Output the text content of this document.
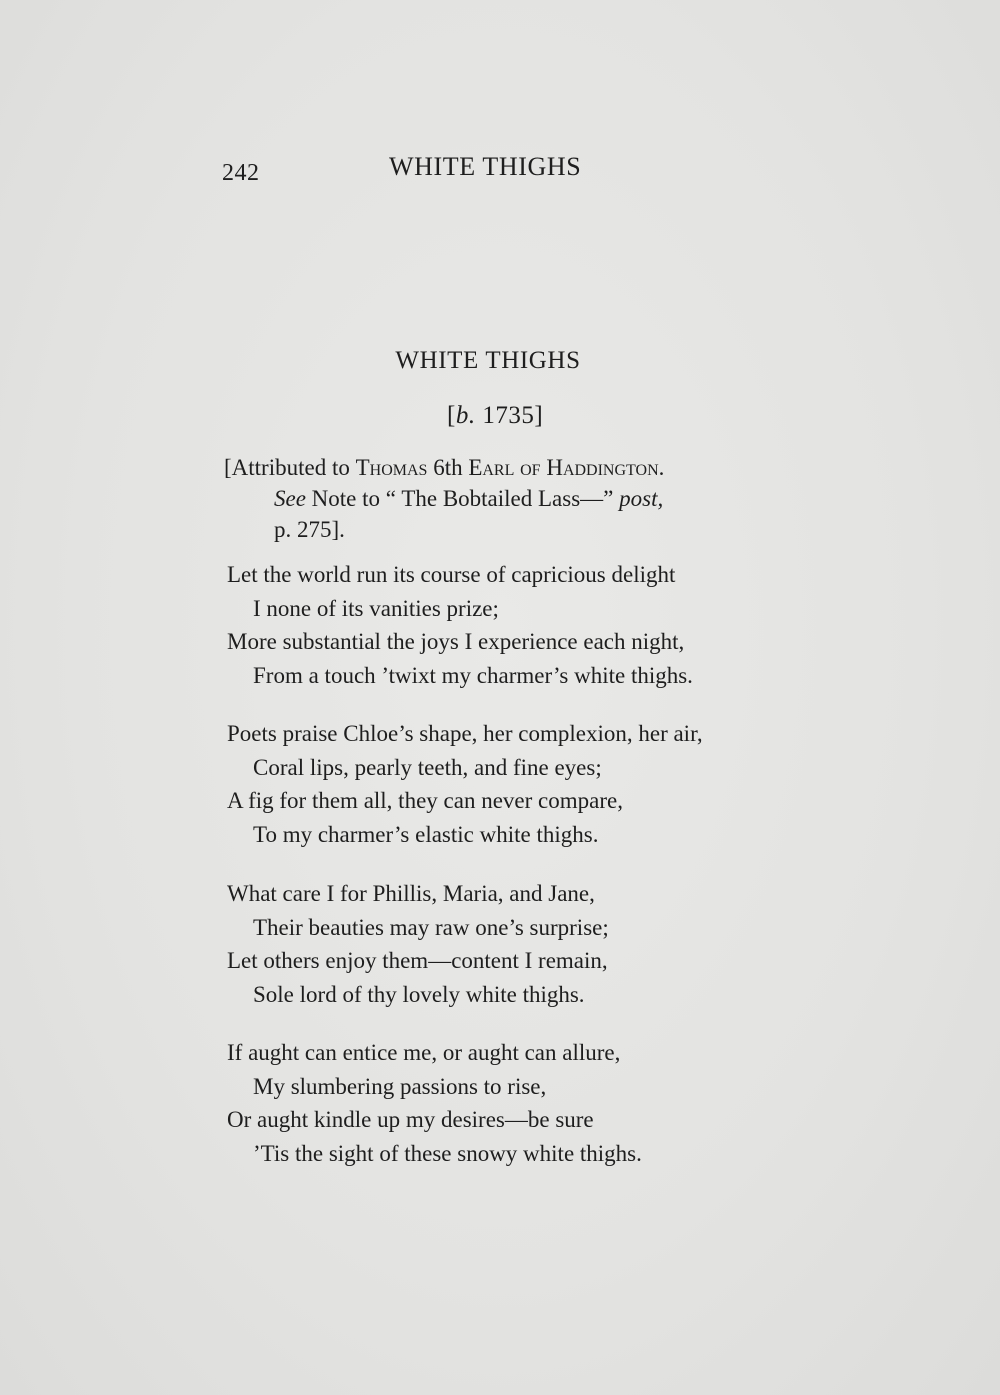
242	WHITE THIGHS
WHITE THIGHS
[b. 1735]
[Attributed to Thomas 6th Earl of Haddington.
See Note to “ The Bobtailed Lass—” post,
p. 275].
Let the world run its course of capricious delight
I none of its vanities prize;
More substantial the joys I experience each night,
From a touch ’twixt my charmer’s white thighs.
Poets praise Chloe’s shape, her complexion, her air,
Coral lips, pearly teeth, and fine eyes;
A fig for them all, they can never compare,
To my charmer’s elastic white thighs.
What care I for Phillis, Maria, and Jane,
Their beauties may raw one’s surprise;
Let others enjoy them—content I remain,
Sole lord of thy lovely white thighs.
If aught can entice me, or aught can allure,
My slumbering passions to rise,
Or aught kindle up my desires—be sure
’Tis the sight of these snowy white thighs.
